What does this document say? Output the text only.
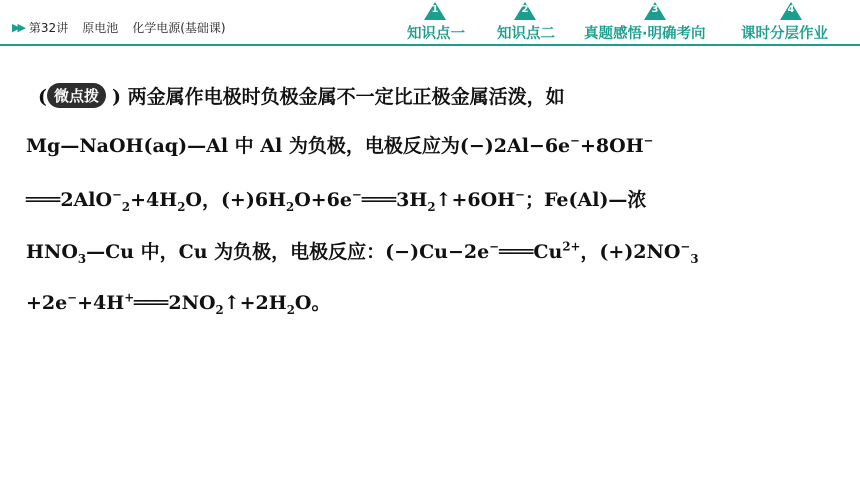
▶▶ 第32讲 原电池 化学电源(基础课)
1
知识点一
2
知识点二
3
真题感悟·明确考向
4
课时分层作业
( 微点拨 ) 两金属作电极时负极金属不一定比正极金属活泼，如
Mg—NaOH(aq)—Al 中 Al 为负极，电极反应为(−)2Al−6e−+8OH−
$═══2AlO^-_2+4H_2O$，$(+)6H_2O+6e^-═══3H_2↑+6OH^-$；Fe(Al)—浓
$HNO_3—Cu$ 中，Cu 为负极，电极反应：$(-)Cu-2e^-═══Cu^{2+}$，$(+)2NO^-_3$
$+2e^-+4H^+═══2NO_2↑+2H_2O$。
